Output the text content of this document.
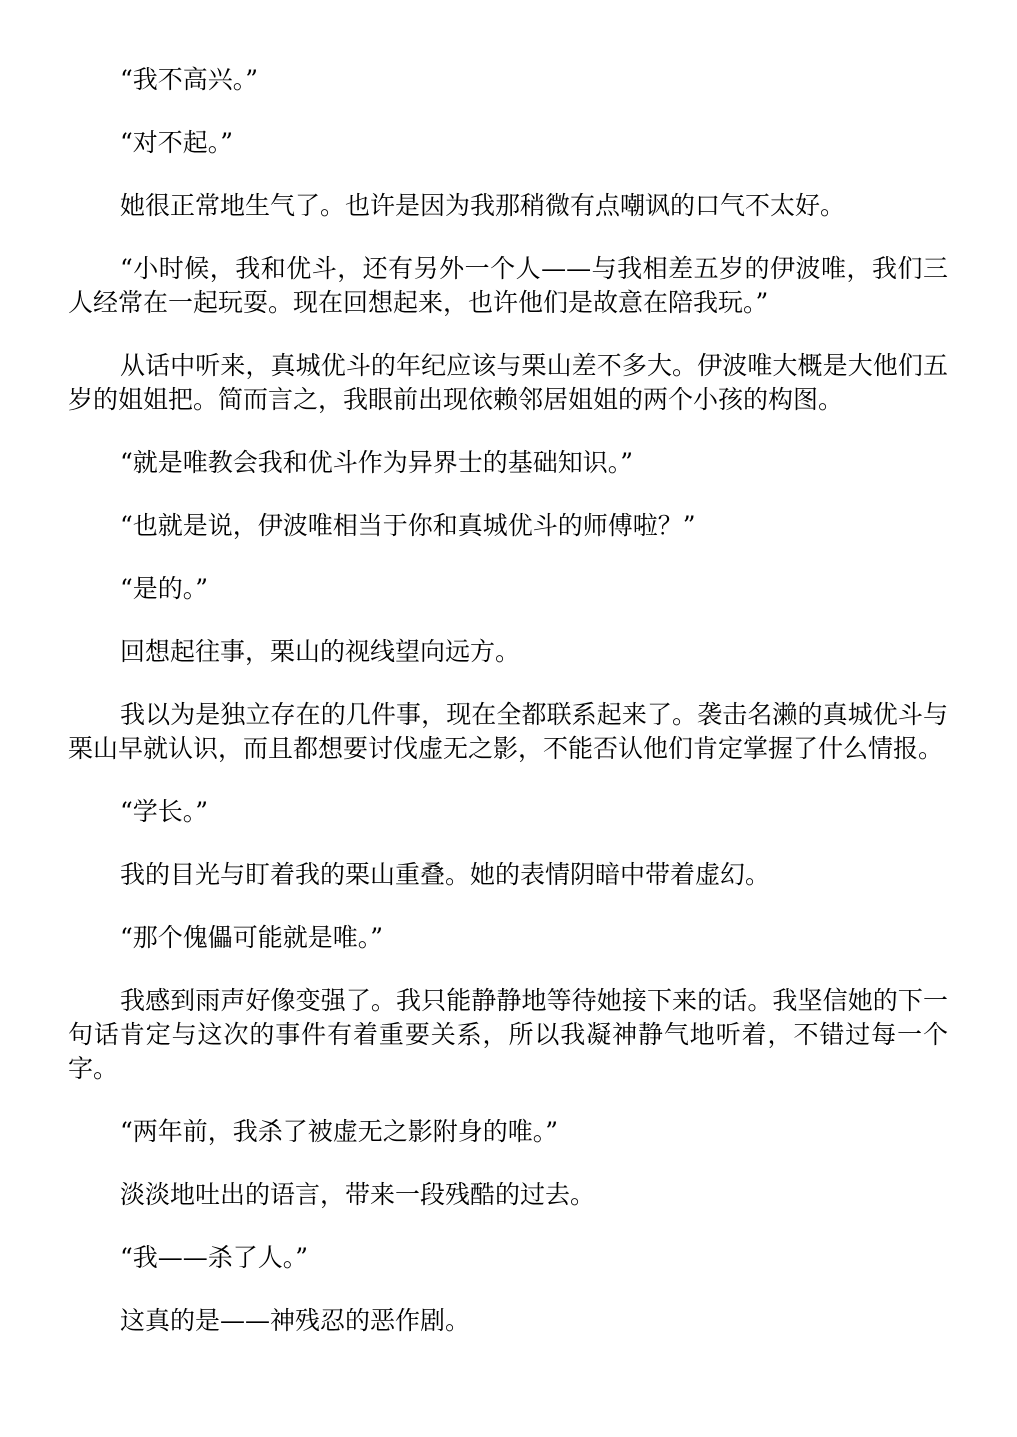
“我不高兴。”

“对不起。”

她很正常地生气了。也许是因为我那稍微有点嘲讽的口气不太好。

“小时候，我和优斗，还有另外一个人——与我相差五岁的伊波唯，我们三人经常在一起玩耍。现在回想起来，也许他们是故意在陪我玩。”

从话中听来，真城优斗的年纪应该与栗山差不多大。伊波唯大概是大他们五岁的姐姐把。简而言之，我眼前出现依赖邻居姐姐的两个小孩的构图。

“就是唯教会我和优斗作为异界士的基础知识。”

“也就是说，伊波唯相当于你和真城优斗的师傅啦？”

“是的。”

回想起往事，栗山的视线望向远方。

我以为是独立存在的几件事，现在全都联系起来了。袭击名濑的真城优斗与栗山早就认识，而且都想要讨伐虚无之影，不能否认他们肯定掌握了什么情报。

“学长。”

我的目光与盯着我的栗山重叠。她的表情阴暗中带着虚幻。

“那个傀儡可能就是唯。”

我感到雨声好像变强了。我只能静静地等待她接下来的话。我坚信她的下一句话肯定与这次的事件有着重要关系，所以我凝神静气地听着，不错过每一个字。

“两年前，我杀了被虚无之影附身的唯。”

淡淡地吐出的语言，带来一段残酷的过去。

“我——杀了人。”

这真的是——神残忍的恶作剧。
